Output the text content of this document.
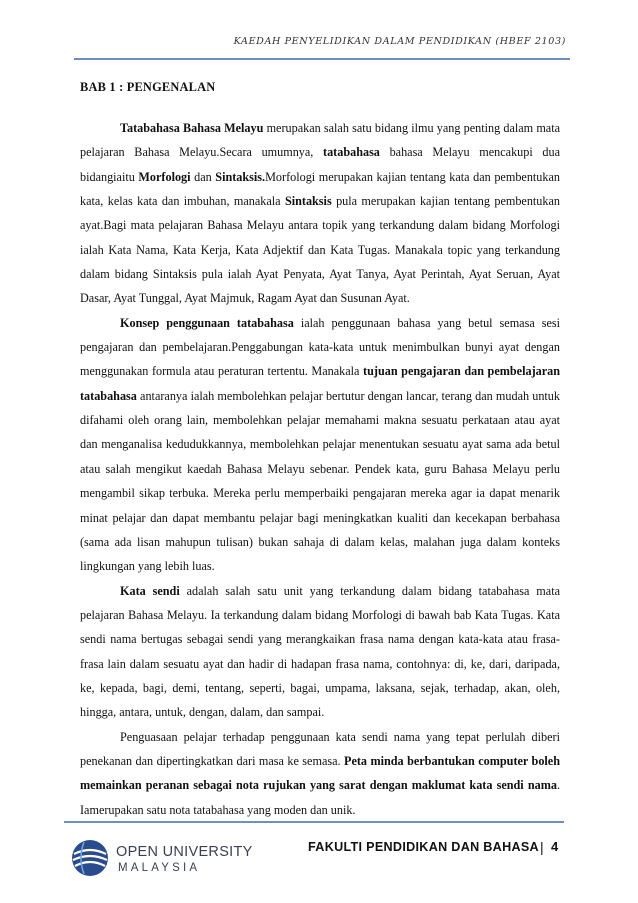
KAEDAH PENYELIDIKAN DALAM PENDIDIKAN (HBEF 2103)
BAB 1 : PENGENALAN

Tatabahasa Bahasa Melayu merupakan salah satu bidang ilmu yang penting dalam mata pelajaran Bahasa Melayu.Secara umumnya, tatabahasa bahasa Melayu mencakupi dua bidangiaitu Morfologi dan Sintaksis.Morfologi merupakan kajian tentang kata dan pembentukan kata, kelas kata dan imbuhan, manakala Sintaksis pula merupakan kajian tentang pembentukan ayat.Bagi mata pelajaran Bahasa Melayu antara topik yang terkandung dalam bidang Morfologi ialah Kata Nama, Kata Kerja, Kata Adjektif dan Kata Tugas. Manakala topic yang terkandung dalam bidang Sintaksis pula ialah Ayat Penyata, Ayat Tanya, Ayat Perintah, Ayat Seruan, Ayat Dasar, Ayat Tunggal, Ayat Majmuk, Ragam Ayat dan Susunan Ayat.

Konsep penggunaan tatabahasa ialah penggunaan bahasa yang betul semasa sesi pengajaran dan pembelajaran.Penggabungan kata-kata untuk menimbulkan bunyi ayat dengan menggunakan formula atau peraturan tertentu. Manakala tujuan pengajaran dan pembelajaran tatabahasa antaranya ialah membolehkan pelajar bertutur dengan lancar, terang dan mudah untuk difahami oleh orang lain, membolehkan pelajar memahami makna sesuatu perkataan atau ayat dan menganalisa kedudukkannya, membolehkan pelajar menentukan sesuatu ayat sama ada betul atau salah mengikut kaedah Bahasa Melayu sebenar. Pendek kata, guru Bahasa Melayu perlu mengambil sikap terbuka. Mereka perlu memperbaiki pengajaran mereka agar ia dapat menarik minat pelajar dan dapat membantu pelajar bagi meningkatkan kualiti dan kecekapan berbahasa (sama ada lisan mahupun tulisan) bukan sahaja di dalam kelas, malahan juga dalam konteks lingkungan yang lebih luas.

Kata sendi adalah salah satu unit yang terkandung dalam bidang tatabahasa mata pelajaran Bahasa Melayu. Ia terkandung dalam bidang Morfologi di bawah bab Kata Tugas. Kata sendi nama bertugas sebagai sendi yang merangkaikan frasa nama dengan kata-kata atau frasa-frasa lain dalam sesuatu ayat dan hadir di hadapan frasa nama, contohnya: di, ke, dari, daripada, ke, kepada, bagi, demi, tentang, seperti, bagai, umpama, laksana, sejak, terhadap, akan, oleh, hingga, antara, untuk, dengan, dalam, dan sampai.

Penguasaan pelajar terhadap penggunaan kata sendi nama yang tepat perlulah diberi penekanan dan dipertingkatkan dari masa ke semasa. Peta minda berbantukan computer boleh memainkan peranan sebagai nota rujukan yang sarat dengan maklumat kata sendi nama. Iamerupakan satu nota tatabahasa yang moden dan unik.

OPEN UNIVERSITY
MALAYSIA
FAKULTI PENDIDIKAN DAN BAHASA | 4
